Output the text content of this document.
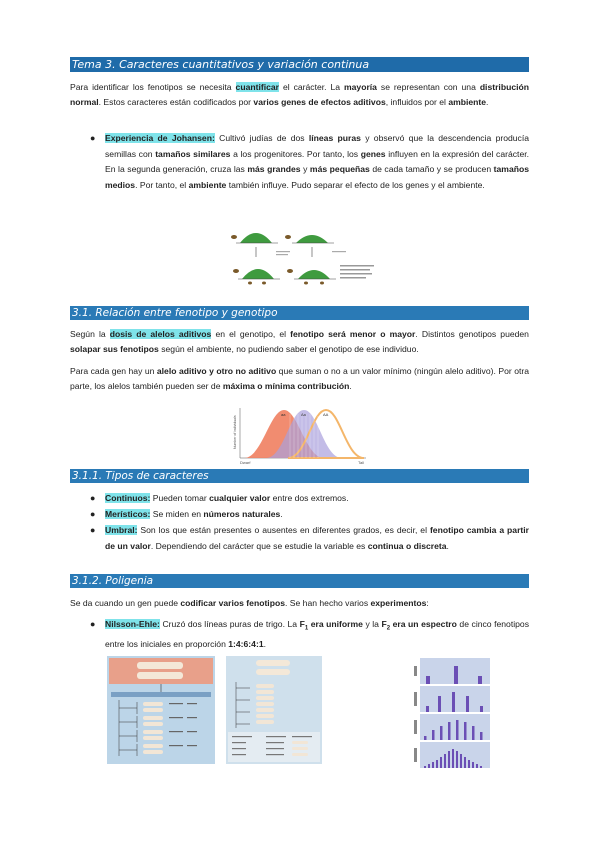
Tema 3. Caracteres cuantitativos y variación continua
Para identificar los fenotipos se necesita cuantificar el carácter. La mayoría se representan con una distribución normal. Estos caracteres están codificados por varios genes de efectos aditivos, influidos por el ambiente.
● Experiencia de Johansen: Cultivó judías de dos líneas puras y observó que la descendencia producía semillas con tamaños similares a los progenitores. Por tanto, los genes influyen en la expresión del carácter. En la segunda generación, cruza las más grandes y más pequeñas de cada tamaño y se producen tamaños medios. Por tanto, el ambiente también influye. Pudo separar el efecto de los genes y el ambiente.
3.1. Relación entre fenotipo y genotipo
Según la dosis de alelos aditivos en el genotipo, el fenotipo será menor o mayor. Distintos genotipos pueden solapar sus fenotipos según el ambiente, no pudiendo saber el genotipo de ese individuo.
Para cada gen hay un alelo aditivo y otro no aditivo que suman o no a un valor mínimo (ningún alelo aditivo). Por otra parte, los alelos también pueden ser de máxima o mínima contribución.
Number of individuals
aa	Aa	AA
Dwarf	Tall
3.1.1. Tipos de caracteres
● Continuos: Pueden tomar cualquier valor entre dos extremos.
● Merísticos: Se miden en números naturales.
● Umbral: Son los que están presentes o ausentes en diferentes grados, es decir, el fenotipo cambia a partir de un valor. Dependiendo del carácter que se estudie la variable es continua o discreta.
3.1.2. Poligenia
Se da cuando un gen puede codificar varios fenotipos. Se han hecho varios experimentos:
● Nilsson-Ehle: Cruzó dos líneas puras de trigo. La $F_1$ era uniforme y la $F_2$ era un espectro de cinco fenotipos entre los iniciales en proporción 1:4:6:4:1.
